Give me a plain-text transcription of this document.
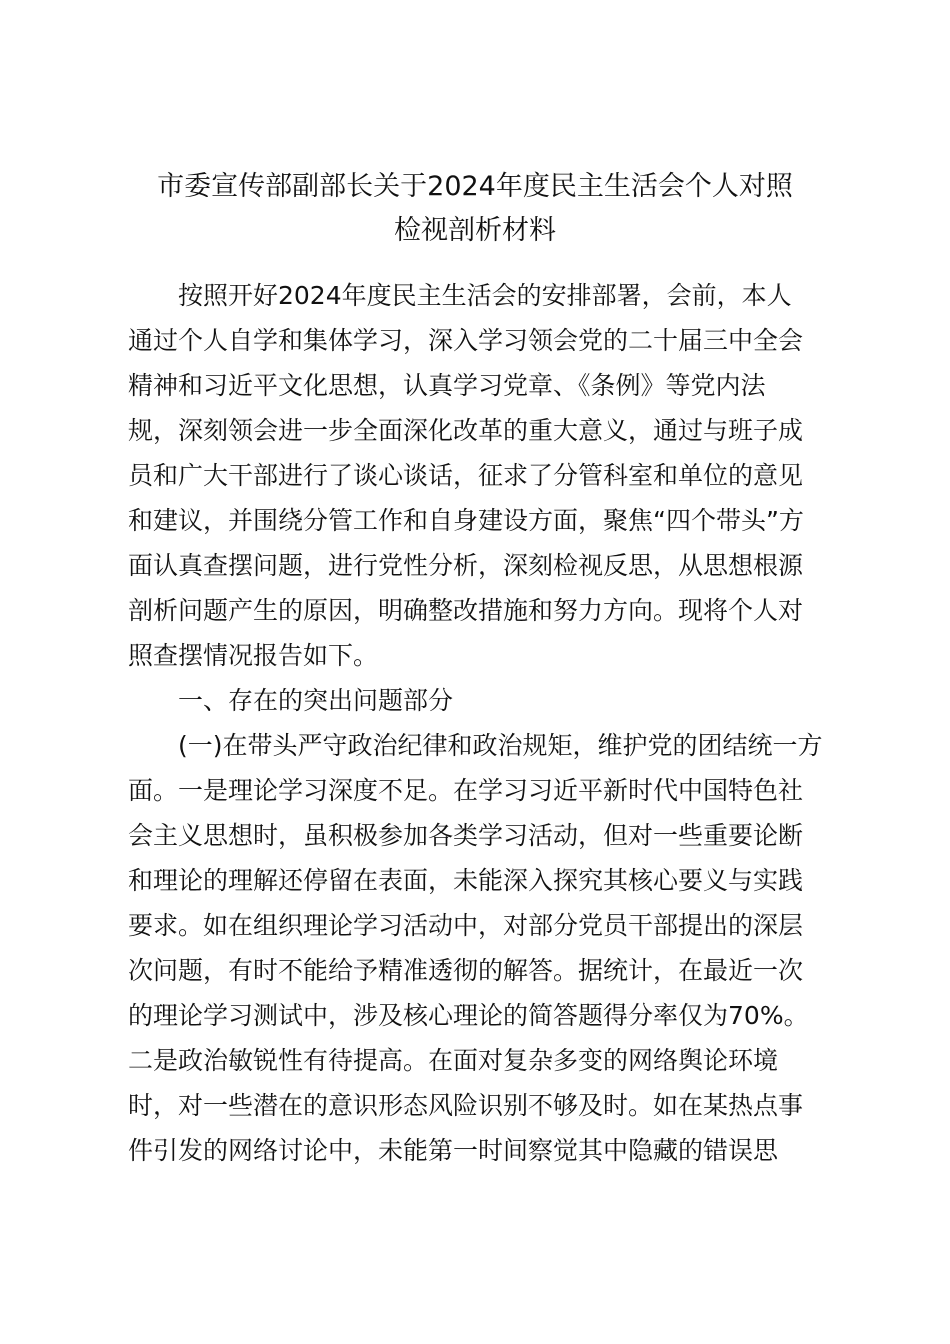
市委宣传部副部长关于2024年度民主生活会个人对照
检视剖析材料
按照开好2024年度民主生活会的安排部署，会前，本人
通过个人自学和集体学习，深入学习领会党的二十届三中全会
精神和习近平文化思想，认真学习党章、《条例》等党内法
规，深刻领会进一步全面深化改革的重大意义，通过与班子成
员和广大干部进行了谈心谈话，征求了分管科室和单位的意见
和建议，并围绕分管工作和自身建设方面，聚焦“四个带头”方
面认真查摆问题，进行党性分析，深刻检视反思，从思想根源
剖析问题产生的原因，明确整改措施和努力方向。现将个人对
照查摆情况报告如下。
一、存在的突出问题部分
(一)在带头严守政治纪律和政治规矩，维护党的团结统一方
面。一是理论学习深度不足。在学习习近平新时代中国特色社
会主义思想时，虽积极参加各类学习活动，但对一些重要论断
和理论的理解还停留在表面，未能深入探究其核心要义与实践
要求。如在组织理论学习活动中，对部分党员干部提出的深层
次问题，有时不能给予精准透彻的解答。据统计，在最近一次
的理论学习测试中，涉及核心理论的简答题得分率仅为70%。
二是政治敏锐性有待提高。在面对复杂多变的网络舆论环境
时，对一些潜在的意识形态风险识别不够及时。如在某热点事
件引发的网络讨论中，未能第一时间察觉其中隐藏的错误思
